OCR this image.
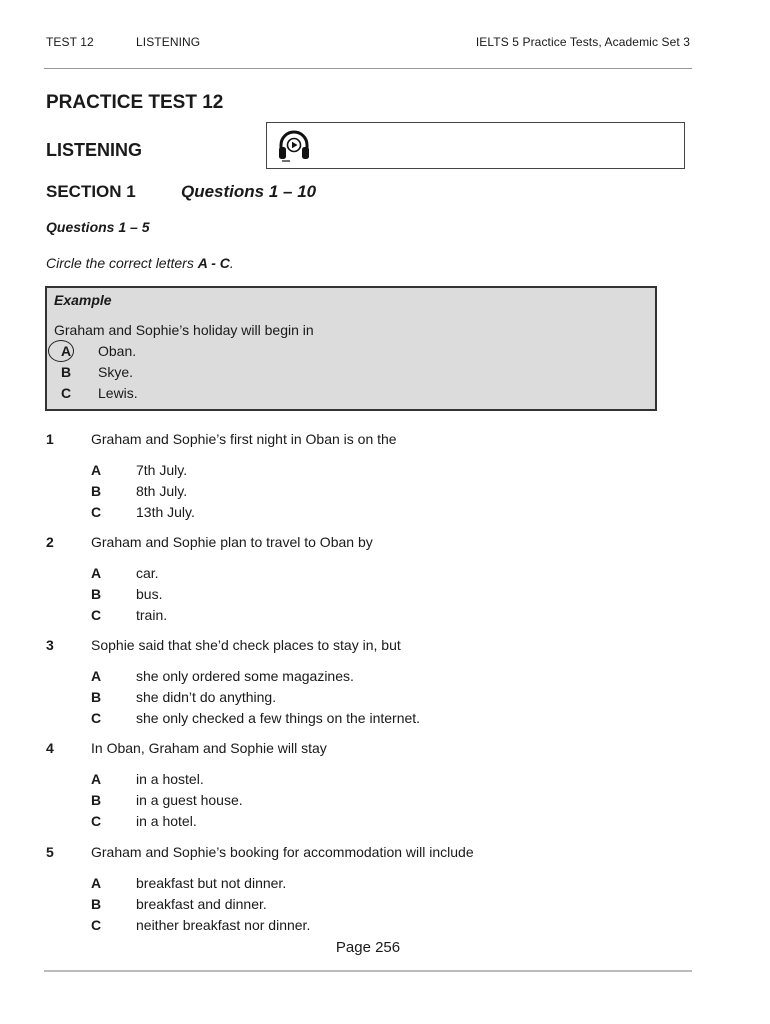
TEST 12	LISTENING	IELTS 5 Practice Tests, Academic Set 3
PRACTICE TEST 12
LISTENING
SECTION 1	Questions 1 – 10
Questions 1 – 5
Circle the correct letters A - C.
Example
Graham and Sophie’s holiday will begin in
A	Oban.
B	Skye.
C	Lewis.
1	Graham and Sophie’s first night in Oban is on the
A 7th July.
B 8th July.
C 13th July.
2	Graham and Sophie plan to travel to Oban by
A car.
B bus.
C train.
3	Sophie said that she’d check places to stay in, but
A she only ordered some magazines.
B she didn’t do anything.
C she only checked a few things on the internet.
4	In Oban, Graham and Sophie will stay
A in a hostel.
B in a guest house.
C in a hotel.
5	Graham and Sophie’s booking for accommodation will include
A breakfast but not dinner.
B breakfast and dinner.
C neither breakfast nor dinner.
Page 256
